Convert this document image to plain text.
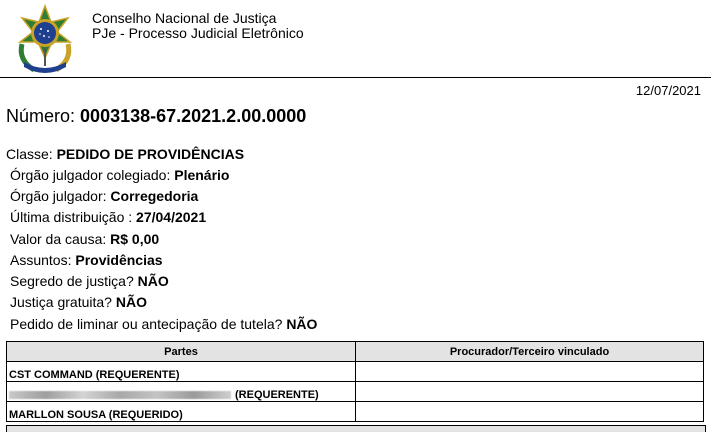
Conselho Nacional de Justiça
PJe - Processo Judicial Eletrônico
12/07/2021
Número: 0003138-67.2021.2.00.0000
Classe: PEDIDO DE PROVIDÊNCIAS
Órgão julgador colegiado: Plenário
Órgão julgador: Corregedoria
Última distribuição : 27/04/2021
Valor da causa: R$ 0,00
Assuntos: Providências
Segredo de justiça? NÃO
Justiça gratuita? NÃO
Pedido de liminar ou antecipação de tutela? NÃO
Partes	Procurador/Terceiro vinculado
CST COMMAND (REQUERENTE)	
(REQUERENTE)	
MARLLON SOUSA (REQUERIDO)	
